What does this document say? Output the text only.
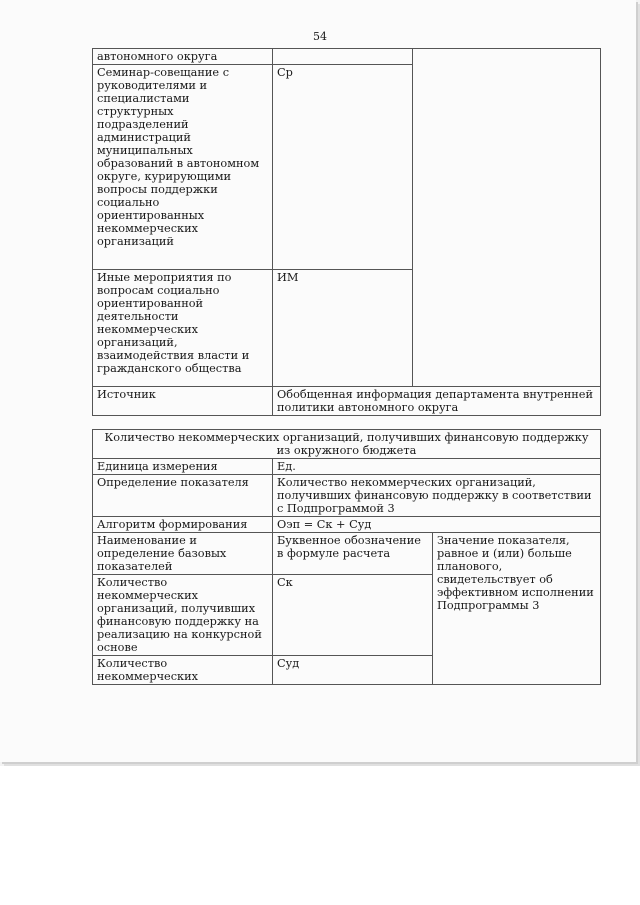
54
автономного округа		
Семинар-совещание с руководителями и специалистами структурных подразделений администраций муниципальных образований в автономном округе, курирующими вопросы поддержки социально ориентированных некоммерческих организаций	Ср	
Иные мероприятия по вопросам социально ориентированной деятельности некоммерческих организаций, взаимодействия власти и гражданского общества	ИМ	
Источник	Обобщенная информация департамента внутренней политики автономного округа	
Количество некоммерческих организаций, получивших финансовую поддержку из окружного бюджета		
Единица измерения	Ед.	
Определение показателя	Количество некоммерческих организаций, получивших финансовую поддержку в соответствии с Подпрограммой 3	
Алгоритм формирования	Оэп = Ск + Суд	
Наименование и определение базовых показателей	Буквенное обозначение в формуле расчета	Значение показателя, равное и (или) больше планового, свидетельствует об эффективном исполнении Подпрограммы 3
Количество некоммерческих организаций, получивших финансовую поддержку на реализацию на конкурсной основе	Ск	
Количество некоммерческих	Суд	
